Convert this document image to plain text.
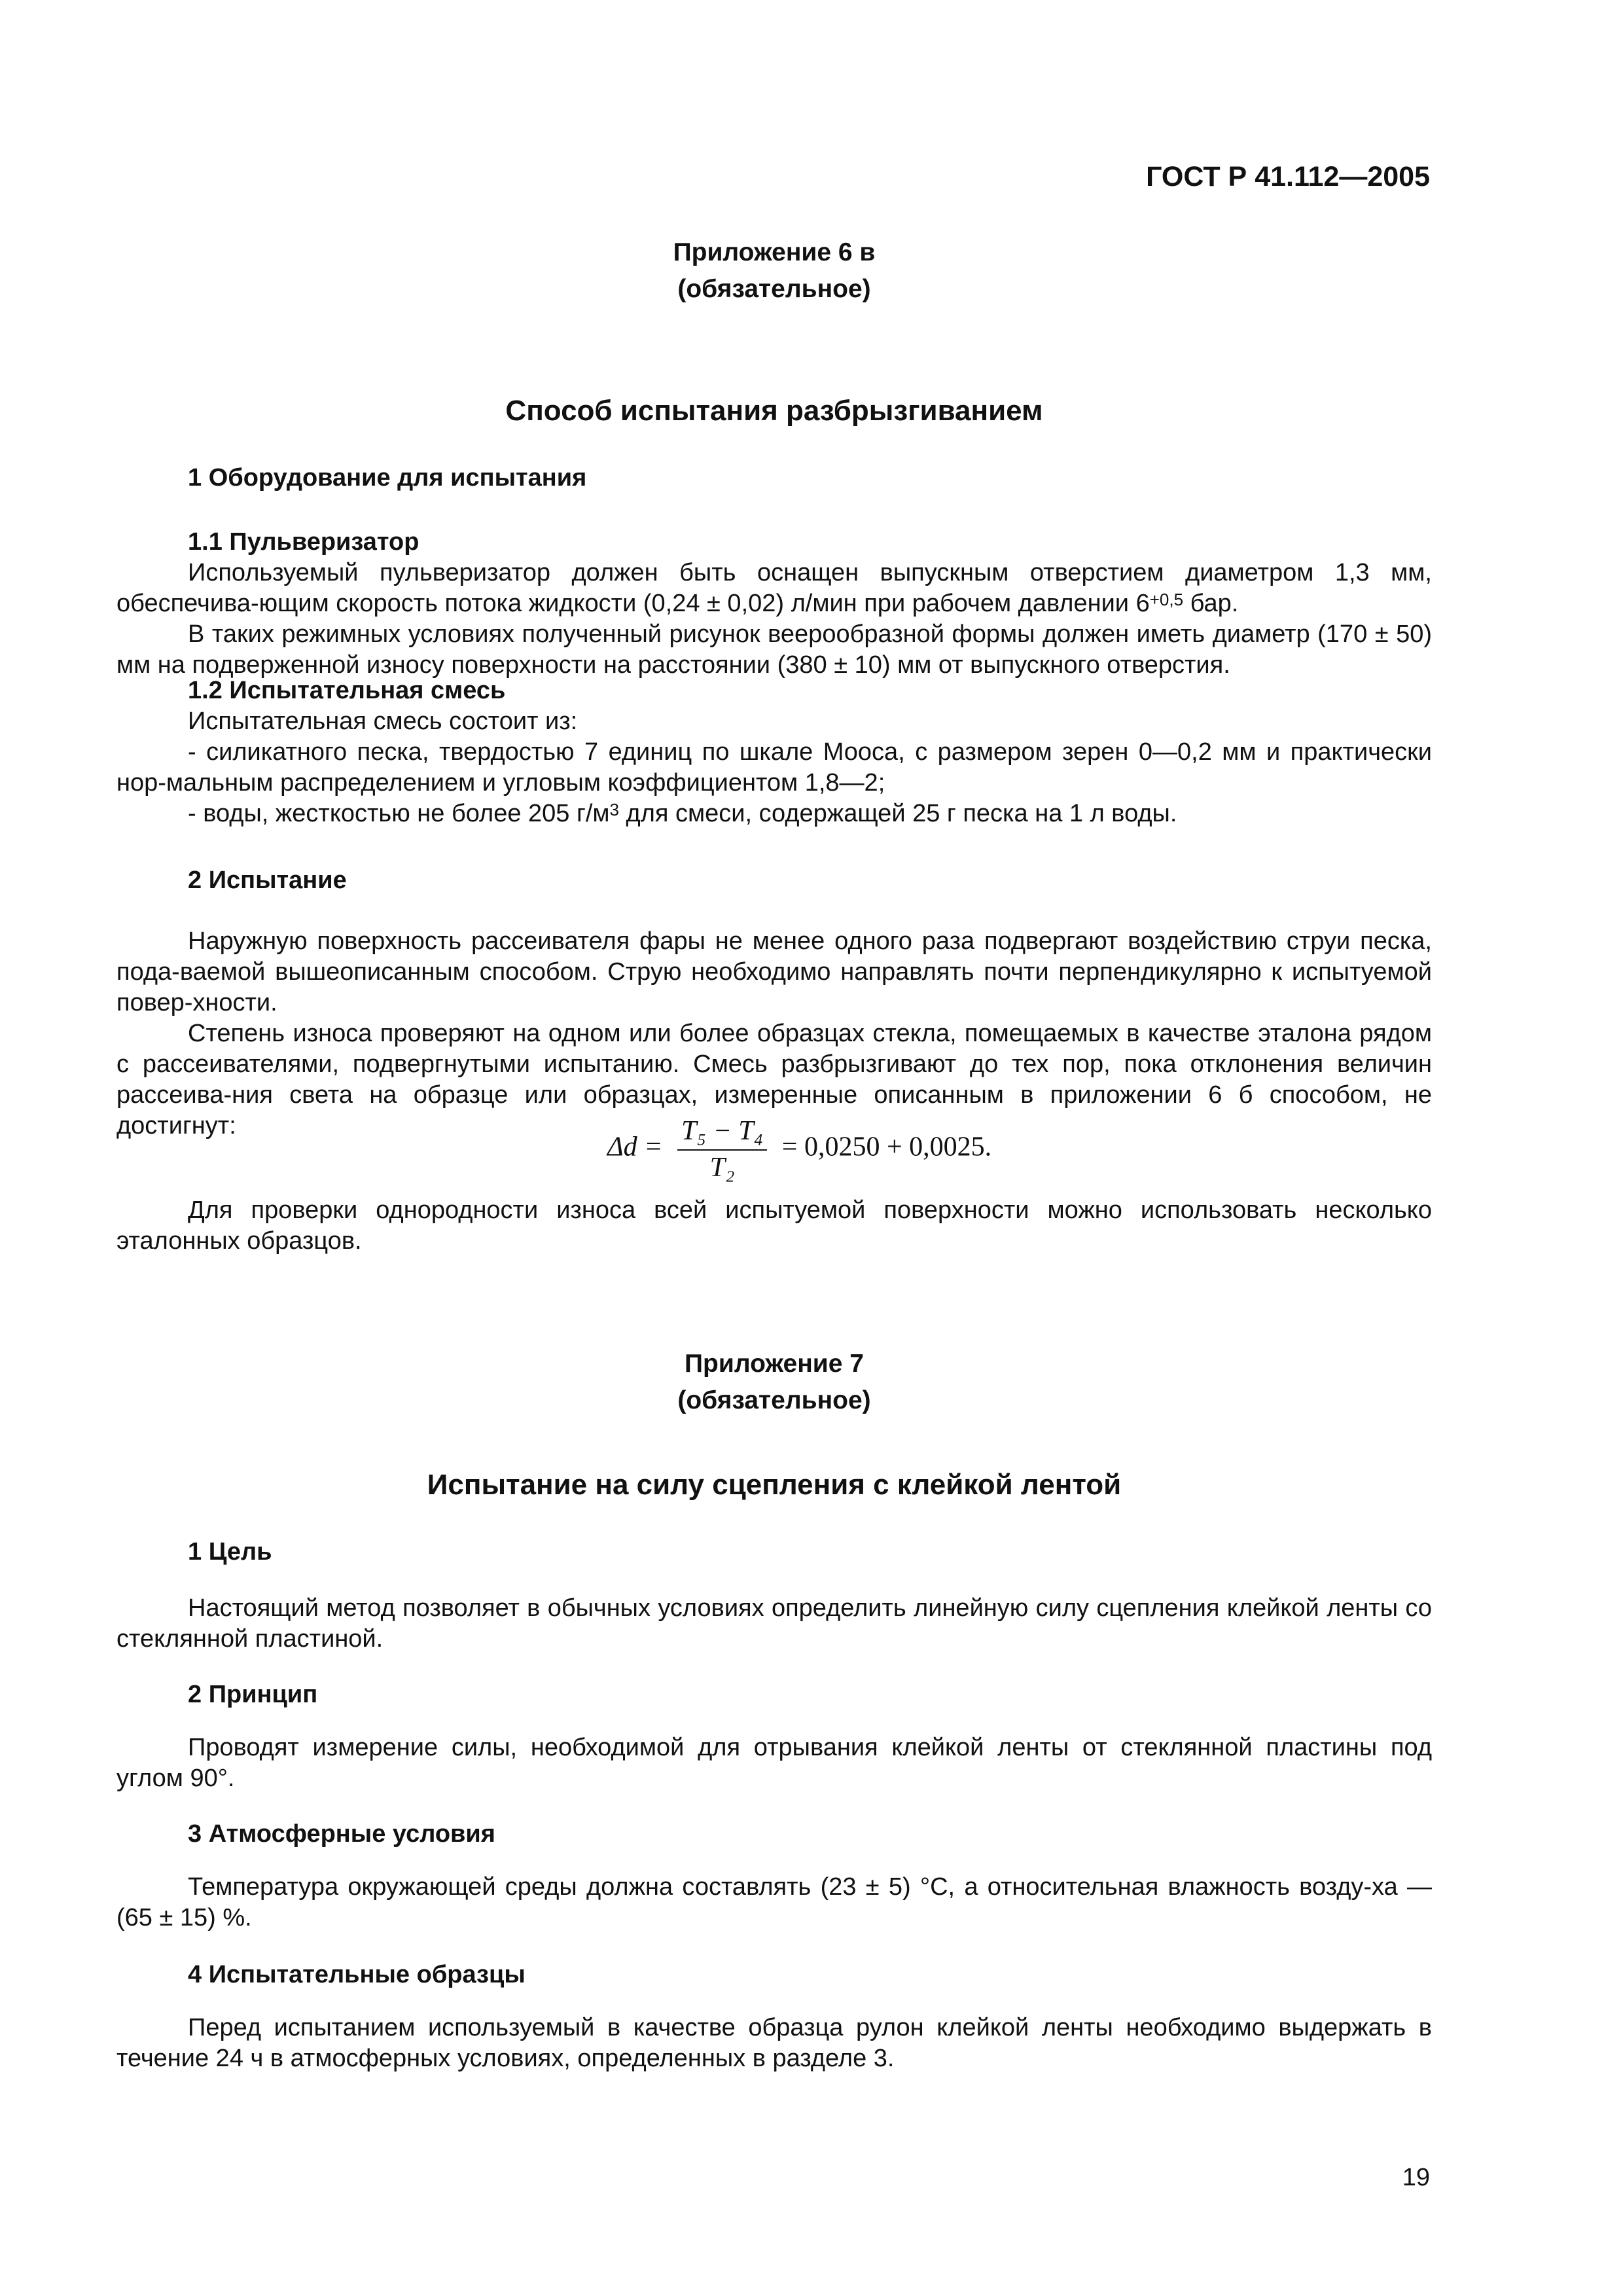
ГОСТ Р 41.112—2005
Приложение 6 в
(обязательное)
Способ испытания разбрызгиванием
1 Оборудование для испытания
1.1 Пульверизатор

Используемый пульверизатор должен быть оснащен выпускным отверстием диаметром 1,3 мм, обеспечива-ющим скорость потока жидкости (0,24 ± 0,02) л/мин при рабочем давлении $6^{+0,5}$ бар.

В таких режимных условиях полученный рисунок веерообразной формы должен иметь диаметр (170 ± 50) мм на подверженной износу поверхности на расстоянии (380 ± 10) мм от выпускного отверстия.

1.2 Испытательная смесь

Испытательная смесь состоит из:

- силикатного песка, твердостью 7 единиц по шкале Мооса, с размером зерен 0—0,2 мм и практически нор-мальным распределением и угловым коэффициентом 1,8—2;

- воды, жесткостью не более 205 $г/м^3$ для смеси, содержащей 25 г песка на 1 л воды.

2 Испытание

Наружную поверхность рассеивателя фары не менее одного раза подвергают воздействию струи песка, пода-ваемой вышеописанным способом. Струю необходимо направлять почти перпендикулярно к испытуемой повер-хности.

Степень износа проверяют на одном или более образцах стекла, помещаемых в качестве эталона рядом с рассеивателями, подвергнутыми испытанию. Смесь разбрызгивают до тех пор, пока отклонения величин рассеива-ния света на образце или образцах, измеренные описанным в приложении 6 б способом, не достигнут:

$\Delta d = \frac{\text{T₅ − T₄}}{\text{T₂}} = 0,0250 + 0,0025$.

Для проверки однородности износа всей испытуемой поверхности можно использовать несколько эталонных образцов.

Приложение 7
(обязательное)
Испытание на силу сцепления с клейкой лентой
1 Цель

Настоящий метод позволяет в обычных условиях определить линейную силу сцепления клейкой ленты со стеклянной пластиной.

2 Принцип

Проводят измерение силы, необходимой для отрывания клейкой ленты от стеклянной пластины под углом 90°.

3 Атмосферные условия

Температура окружающей среды должна составлять (23 ± 5) °С, а относительная влажность возду-ха — (65 ± 15) %.

4 Испытательные образцы

Перед испытанием используемый в качестве образца рулон клейкой ленты необходимо выдержать в течение 24 ч в атмосферных условиях, определенных в разделе 3.

19
